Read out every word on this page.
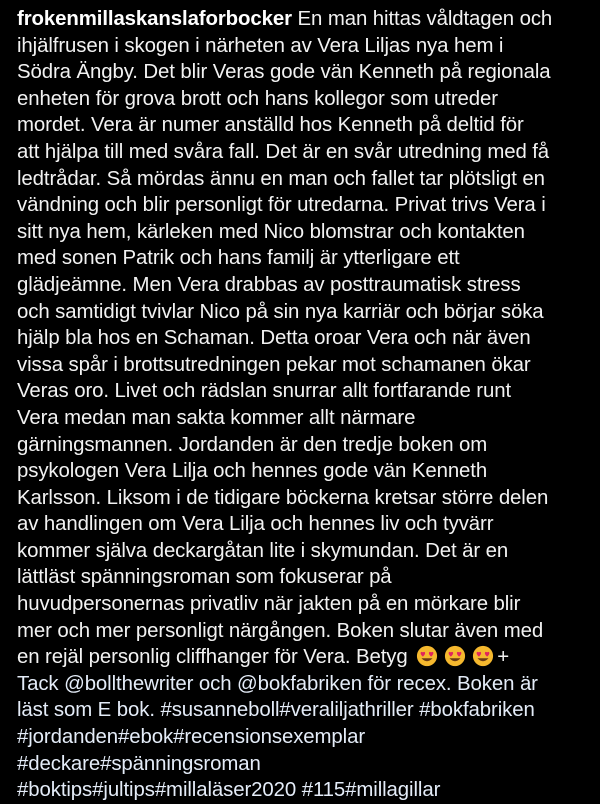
frokenmillaskanslaforbocker En man hittas våldtagen och
ihjälfrusen i skogen i närheten av Vera Liljas nya hem i
Södra Ängby. Det blir Veras gode vän Kenneth på regionala
enheten för grova brott och hans kollegor som utreder
mordet. Vera är numer anställd hos Kenneth på deltid för
att hjälpa till med svåra fall. Det är en svår utredning med få
ledtrådar. Så mördas ännu en man och fallet tar plötsligt en
vändning och blir personligt för utredarna. Privat trivs Vera i
sitt nya hem, kärleken med Nico blomstrar och kontakten
med sonen Patrik och hans familj är ytterligare ett
glädjeämne. Men Vera drabbas av posttraumatisk stress
och samtidigt tvivlar Nico på sin nya karriär och börjar söka
hjälp bla hos en Schaman. Detta oroar Vera och när även
vissa spår i brottsutredningen pekar mot schamanen ökar
Veras oro. Livet och rädslan snurrar allt fortfarande runt
Vera medan man sakta kommer allt närmare
gärningsmannen. Jordanden är den tredje boken om
psykologen Vera Lilja och hennes gode vän Kenneth
Karlsson. Liksom i de tidigare böckerna kretsar större delen
av handlingen om Vera Lilja och hennes liv och tyvärr
kommer själva deckargåtan lite i skymundan. Det är en
lättläst spänningsroman som fokuserar på
huvudpersonernas privatliv när jakten på en mörkare blir
mer och mer personligt närgången. Boken slutar även med
en rejäl personlig cliffhanger för Vera. Betyg	+
Tack @bollthewriter och @bokfabriken för recex. Boken är
läst som E bok. #susanneboll#veraliljathriller #bokfabriken
#jordanden#ebok#recensionsexemplar
#deckare#spänningsroman
#boktips#jultips#millaläser2020 #115#millagillar
